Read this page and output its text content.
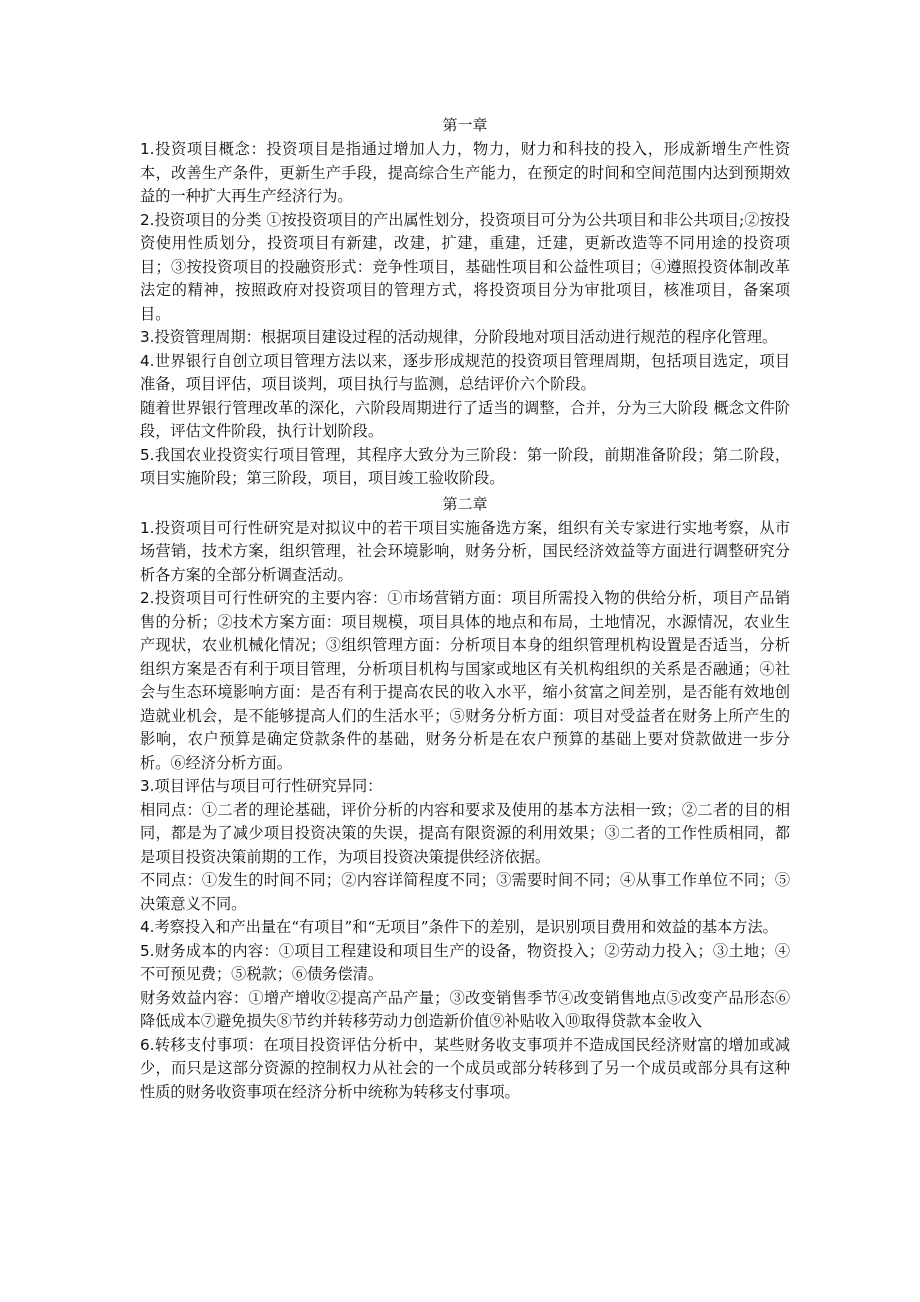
第一章

1.投资项目概念：投资项目是指通过增加人力，物力，财力和科技的投入，形成新增生产性资本，改善生产条件，更新生产手段，提高综合生产能力，在预定的时间和空间范围内达到预期效益的一种扩大再生产经济行为。

2.投资项目的分类 ①按投资项目的产出属性划分，投资项目可分为公共项目和非公共项目;②按投资使用性质划分，投资项目有新建，改建，扩建，重建，迁建，更新改造等不同用途的投资项目；③按投资项目的投融资形式：竞争性项目，基础性项目和公益性项目；④遵照投资体制改革法定的精神，按照政府对投资项目的管理方式，将投资项目分为审批项目，核准项目，备案项目。

3.投资管理周期：根据项目建设过程的活动规律，分阶段地对项目活动进行规范的程序化管理。

4.世界银行自创立项目管理方法以来，逐步形成规范的投资项目管理周期，包括项目选定，项目准备，项目评估，项目谈判，项目执行与监测，总结评价六个阶段。

随着世界银行管理改革的深化，六阶段周期进行了适当的调整，合并，分为三大阶段 概念文件阶段，评估文件阶段，执行计划阶段。

5.我国农业投资实行项目管理，其程序大致分为三阶段：第一阶段，前期准备阶段；第二阶段，项目实施阶段；第三阶段，项目，项目竣工验收阶段。

第二章

1.投资项目可行性研究是对拟议中的若干项目实施备选方案，组织有关专家进行实地考察，从市场营销，技术方案，组织管理，社会环境影响，财务分析，国民经济效益等方面进行调整研究分析各方案的全部分析调查活动。

2.投资项目可行性研究的主要内容：①市场营销方面：项目所需投入物的供给分析，项目产品销售的分析；②技术方案方面：项目规模，项目具体的地点和布局，土地情况，水源情况，农业生产现状，农业机械化情况；③组织管理方面：分析项目本身的组织管理机构设置是否适当，分析组织方案是否有利于项目管理，分析项目机构与国家或地区有关机构组织的关系是否融通；④社会与生态环境影响方面：是否有利于提高农民的收入水平，缩小贫富之间差别，是否能有效地创造就业机会，是不能够提高人们的生活水平；⑤财务分析方面：项目对受益者在财务上所产生的影响，农户预算是确定贷款条件的基础，财务分析是在农户预算的基础上要对贷款做进一步分析。⑥经济分析方面。

3.项目评估与项目可行性研究异同：

相同点：①二者的理论基础，评价分析的内容和要求及使用的基本方法相一致；②二者的目的相同，都是为了减少项目投资决策的失误，提高有限资源的利用效果；③二者的工作性质相同，都是项目投资决策前期的工作，为项目投资决策提供经济依据。

不同点：①发生的时间不同；②内容详简程度不同；③需要时间不同；④从事工作单位不同；⑤决策意义不同。

4.考察投入和产出量在“有项目”和“无项目”条件下的差别，是识别项目费用和效益的基本方法。

5.财务成本的内容：①项目工程建设和项目生产的设备，物资投入；②劳动力投入；③土地；④不可预见费；⑤税款；⑥债务偿清。

财务效益内容：①增产增收②提高产品产量；③改变销售季节④改变销售地点⑤改变产品形态⑥降低成本⑦避免损失⑧节约并转移劳动力创造新价值⑨补贴收入⑩取得贷款本金收入

6.转移支付事项：在项目投资评估分析中，某些财务收支事项并不造成国民经济财富的增加或减少，而只是这部分资源的控制权力从社会的一个成员或部分转移到了另一个成员或部分具有这种性质的财务收资事项在经济分析中统称为转移支付事项。
